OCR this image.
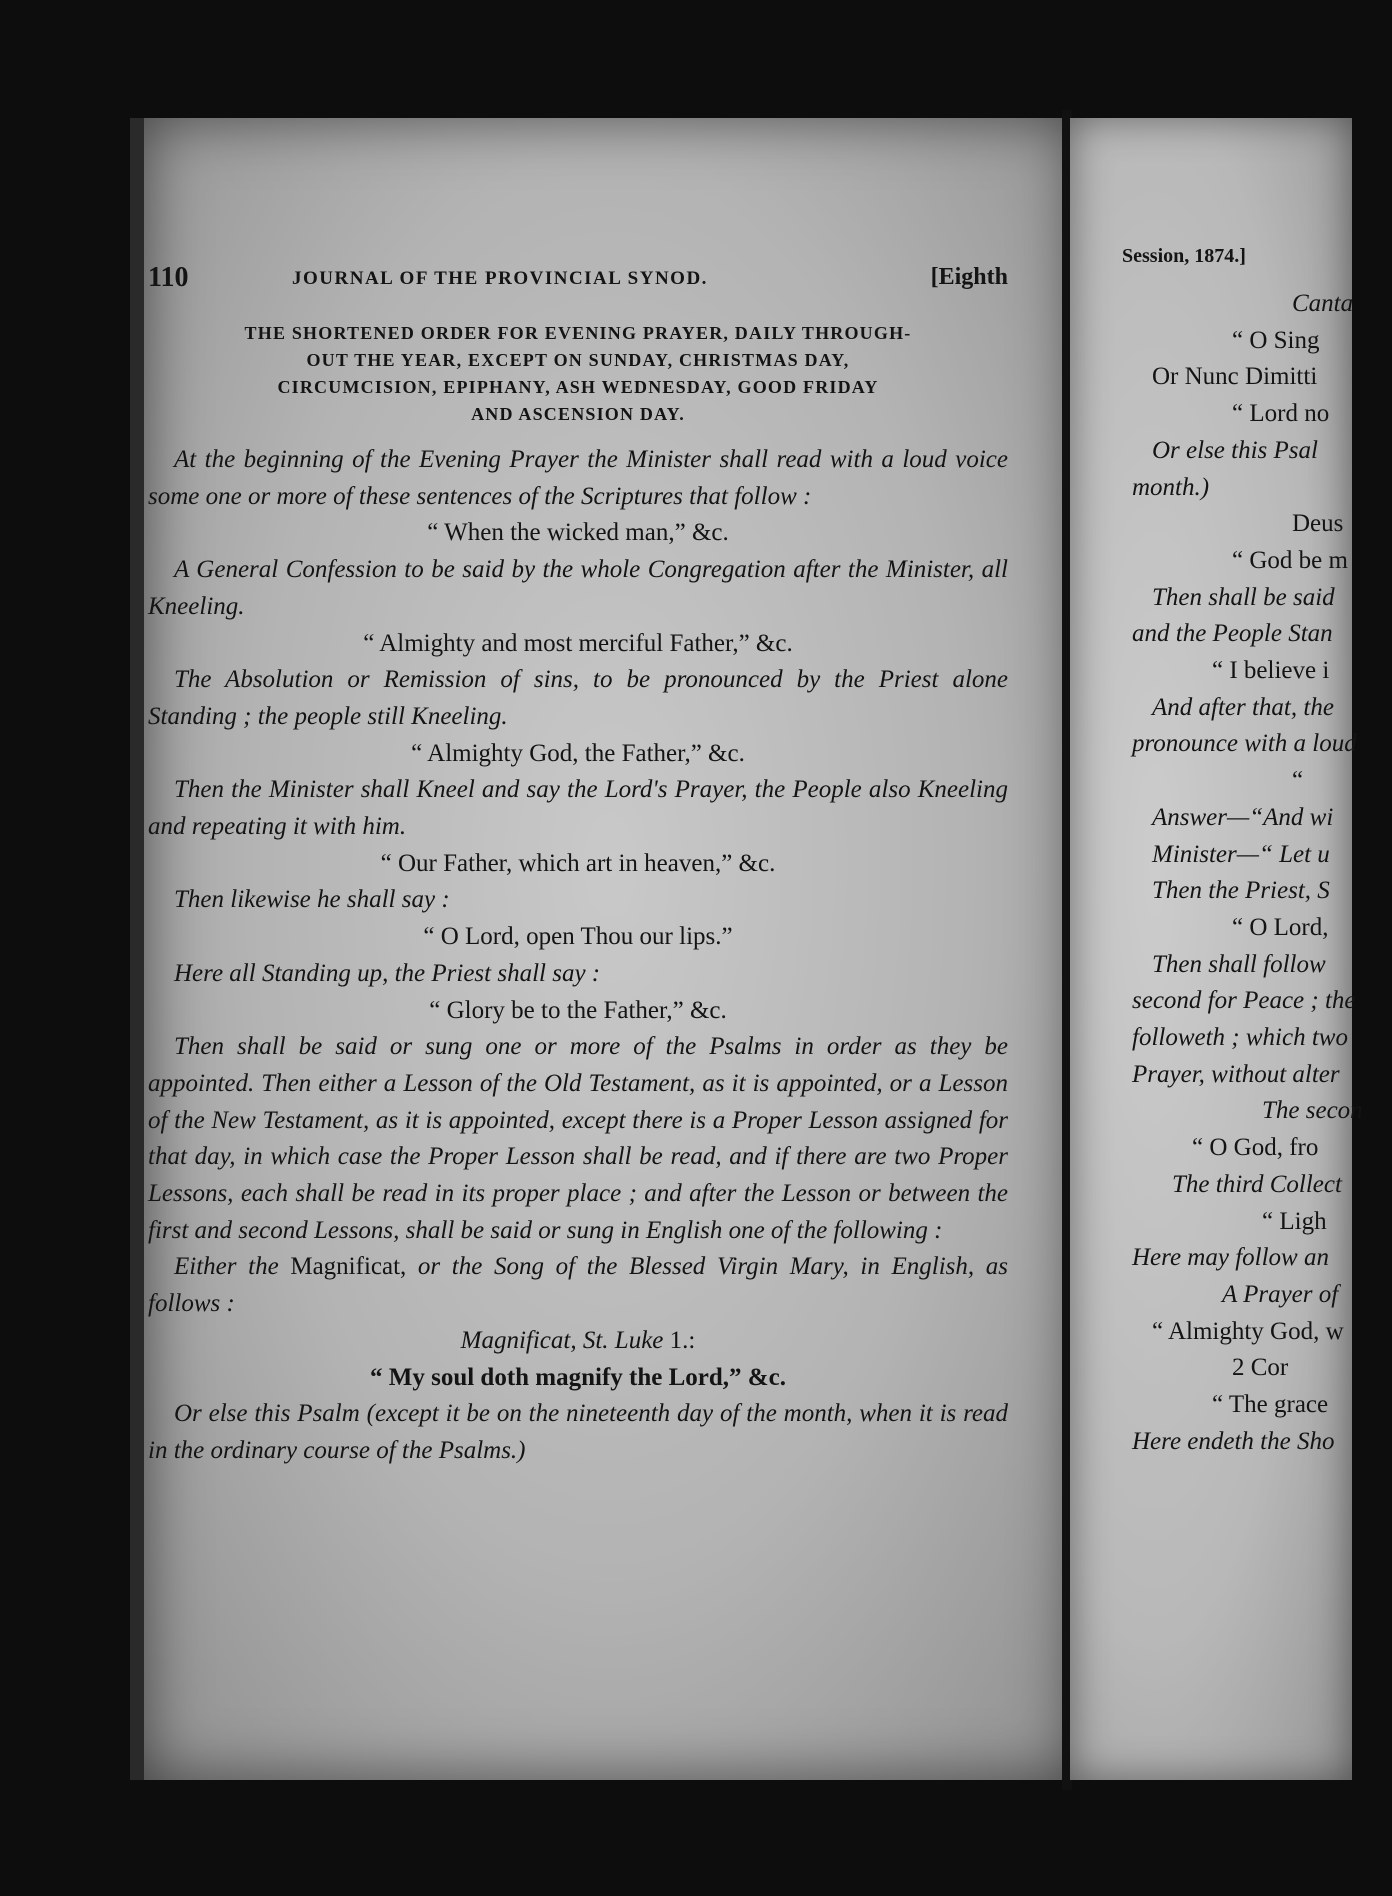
110	JOURNAL OF THE PROVINCIAL SYNOD.	[Eighth
THE SHORTENED ORDER FOR EVENING PRAYER, DAILY THROUGH-
OUT THE YEAR, EXCEPT ON SUNDAY, CHRISTMAS DAY,
CIRCUMCISION, EPIPHANY, ASH WEDNESDAY, GOOD FRIDAY
AND ASCENSION DAY.

At the beginning of the Evening Prayer the Minister shall read with a loud voice some one or more of these sentences of the Scriptures that follow :

“ When the wicked man,” &c.

A General Confession to be said by the whole Congregation after the Minister, all Kneeling.

“ Almighty and most merciful Father,” &c.

The Absolution or Remission of sins, to be pronounced by the Priest alone Standing ; the people still Kneeling.

“ Almighty God, the Father,” &c.

Then the Minister shall Kneel and say the Lord's Prayer, the People also Kneeling and repeating it with him.

“ Our Father, which art in heaven,” &c.

Then likewise he shall say :

“ O Lord, open Thou our lips.”

Here all Standing up, the Priest shall say :

“ Glory be to the Father,” &c.

Then shall be said or sung one or more of the Psalms in order as they be appointed. Then either a Lesson of the Old Testament, as it is appointed, or a Lesson of the New Testament, as it is appointed, except there is a Proper Lesson assigned for that day, in which case the Proper Lesson shall be read, and if there are two Proper Lessons, each shall be read in its proper place ; and after the Lesson or between the first and second Lessons, shall be said or sung in English one of the following :

Either the Magnificat, or the Song of the Blessed Virgin Mary, in English, as follows :

Magnificat, St. Luke 1.:

“ My soul doth magnify the Lord,” &c.

Or else this Psalm (except it be on the nineteenth day of the month, when it is read in the ordinary course of the Psalms.)

Session, 1874.]
Canta
“ O Sing
Or Nunc Dimitti
“ Lord no
Or else this Psal
month.)
Deus
“ God be m
Then shall be said
and the People Stan
“ I believe i
And after that, the
pronounce with a loud
“
Answer—“And wi
Minister—“ Let u
Then the Priest, S
“ O Lord,
Then shall follow
second for Peace ; the
followeth ; which two
Prayer, without alter
The secon
“ O God, fro
The third Collect
“ Ligh
Here may follow an
A Prayer of
“ Almighty God, w
2 Cor
“ The grace
Here endeth the Sho
